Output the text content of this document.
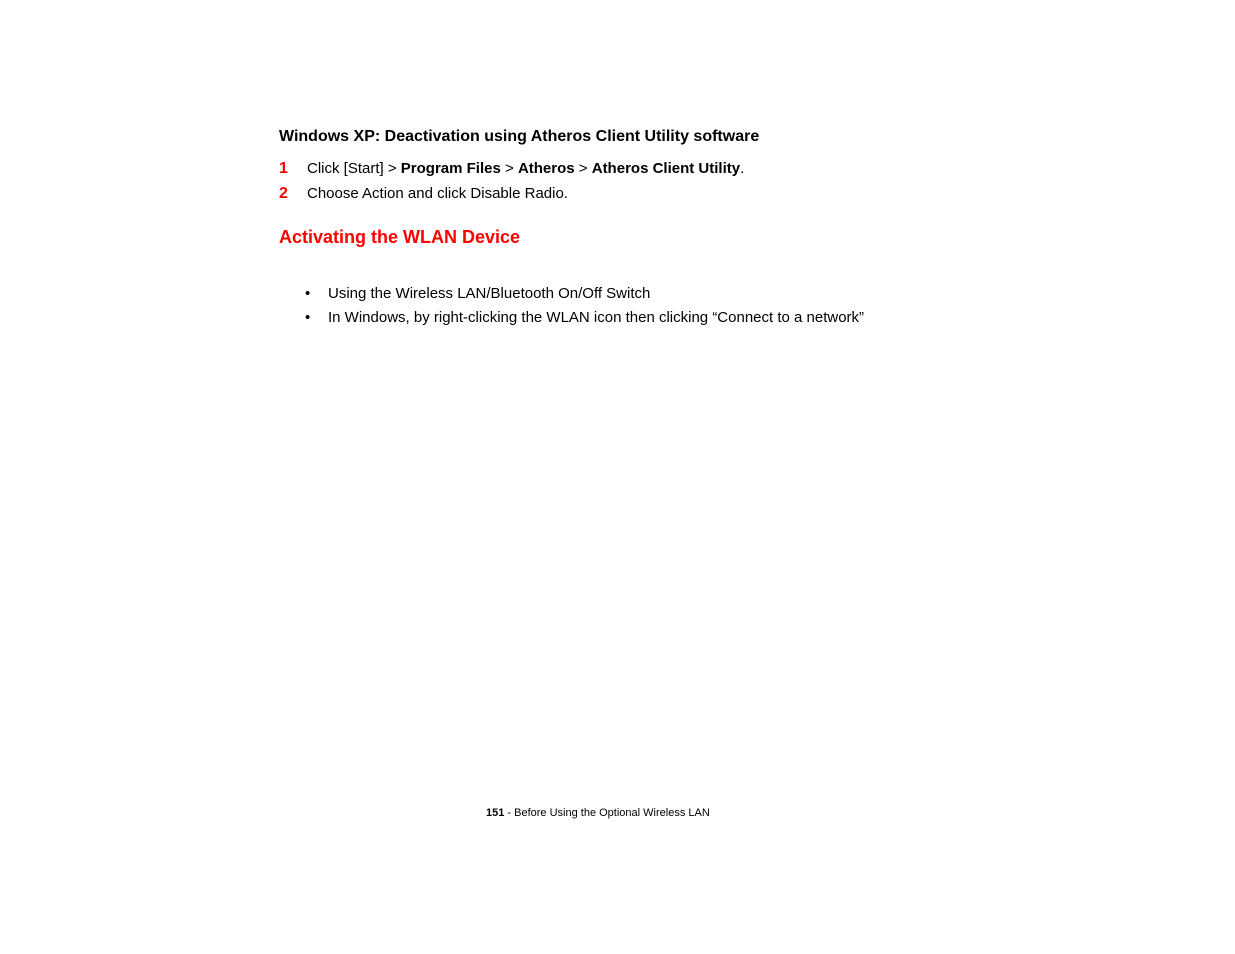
Windows XP: Deactivation using Atheros Client Utility software
1 Click [Start] > Program Files > Atheros > Atheros Client Utility.
2 Choose Action and click Disable Radio.
Activating the WLAN Device
• Using the Wireless LAN/Bluetooth On/Off Switch
• In Windows, by right-clicking the WLAN icon then clicking “Connect to a network”
151 - Before Using the Optional Wireless LAN
